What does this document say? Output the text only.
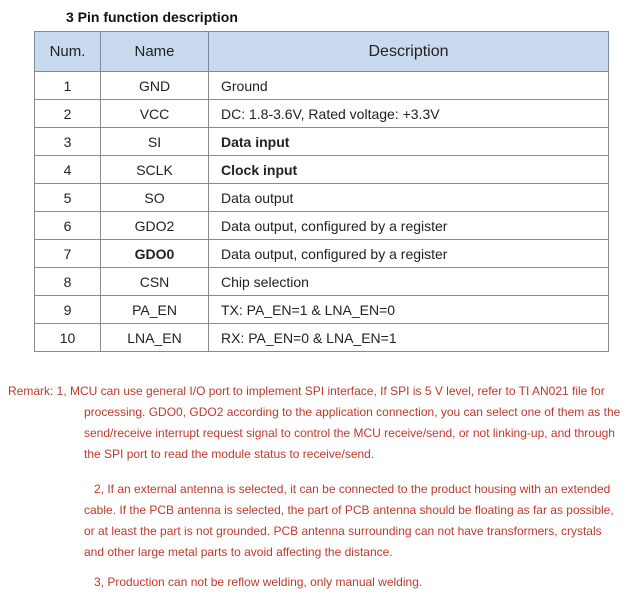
3 Pin function description
Num.	Name	Description
1	GND	Ground
2	VCC	DC: 1.8-3.6V, Rated voltage: +3.3V
3	SI	Data input
4	SCLK	Clock input
5	SO	Data output
6	GDO2	Data output, configured by a register
7	GDO0	Data output, configured by a register
8	CSN	Chip selection
9	PA_EN	TX: PA_EN=1 & LNA_EN=0
10	LNA_EN	RX: PA_EN=0 & LNA_EN=1

Remark: 1, MCU can use general I/O port to implement SPI interface, If SPI is 5 V level, refer to TI AN021 file for processing. GDO0, GDO2 according to the application connection, you can select one of them as the send/receive interrupt request signal to control the MCU receive/send, or not linking-up, and through the SPI port to read the module status to receive/send.

2, If an external antenna is selected, it can be connected to the product housing with an extended cable. If the PCB antenna is selected, the part of PCB antenna should be floating as far as possible, or at least the part is not grounded. PCB antenna surrounding can not have transformers, crystals and other large metal parts to avoid affecting the distance.

3, Production can not be reflow welding, only manual welding.
